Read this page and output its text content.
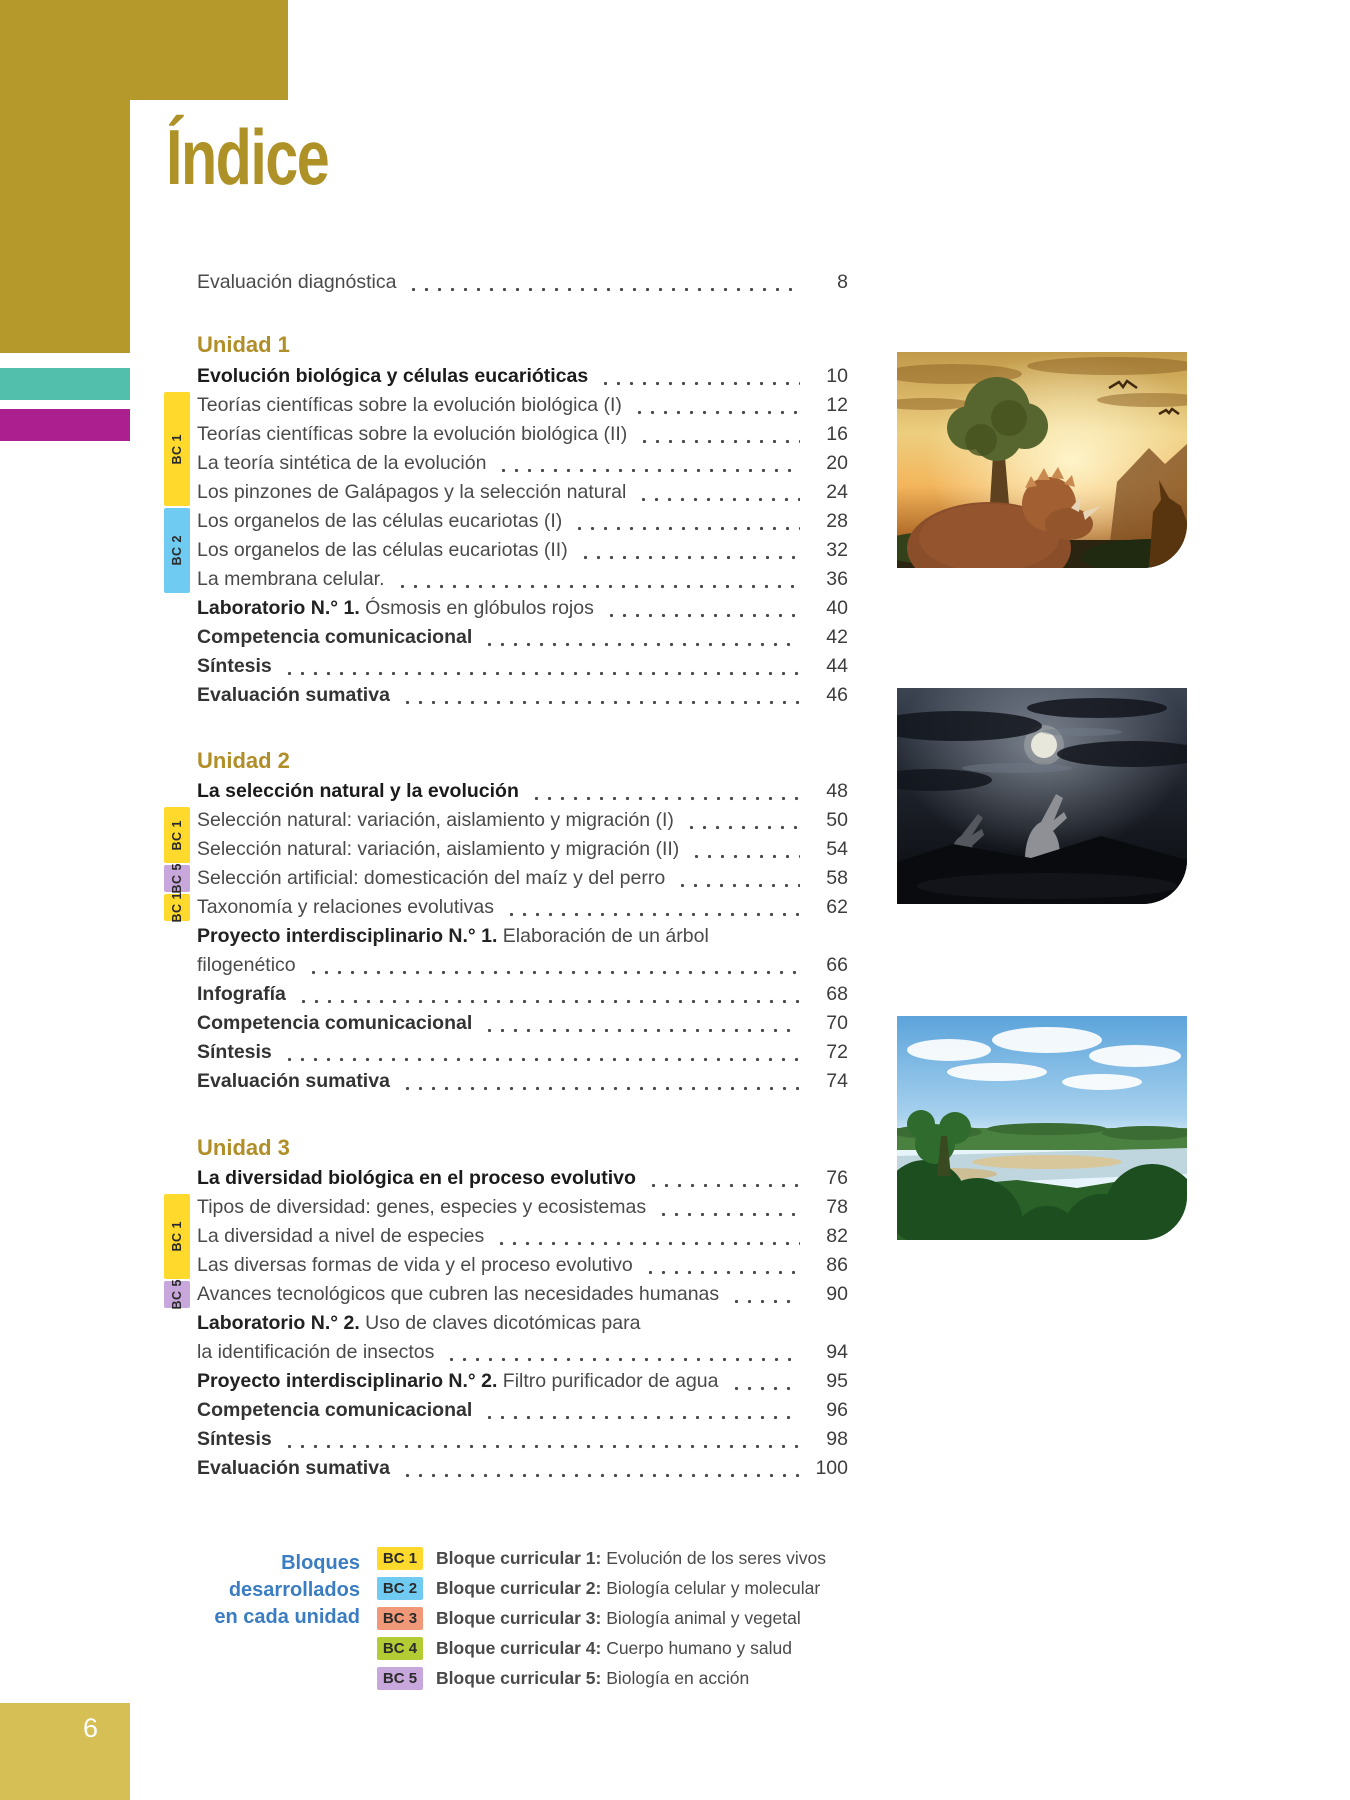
Índice
Evaluación diagnóstica	8
Unidad 1
Evolución biológica y células eucarióticas	10
Teorías científicas sobre la evolución biológica (I)	12
Teorías científicas sobre la evolución biológica (II)	16
La teoría sintética de la evolución	20
Los pinzones de Galápagos y la selección natural	24
Los organelos de las células eucariotas (I)	28
Los organelos de las células eucariotas (II)	32
La membrana celular.	36
Laboratorio N.° 1. Ósmosis en glóbulos rojos	40
Competencia comunicacional	42
Síntesis	44
Evaluación sumativa	46
Unidad 2
La selección natural y la evolución	48
Selección natural: variación, aislamiento y migración (I)	50
Selección natural: variación, aislamiento y migración (II)	54
Selección artificial: domesticación del maíz y del perro	58
Taxonomía y relaciones evolutivas	62
Proyecto interdisciplinario N.° 1. Elaboración de un árbol
filogenético	66
Infografía	68
Competencia comunicacional	70
Síntesis	72
Evaluación sumativa	74
Unidad 3
La diversidad biológica en el proceso evolutivo	76
Tipos de diversidad: genes, especies y ecosistemas	78
La diversidad a nivel de especies	82
Las diversas formas de vida y el proceso evolutivo	86
Avances tecnológicos que cubren las necesidades humanas	90
Laboratorio N.° 2. Uso de claves dicotómicas para
la identificación de insectos	94
Proyecto interdisciplinario N.° 2. Filtro purificador de agua	95
Competencia comunicacional	96
Síntesis	98
Evaluación sumativa	100
BC 1
BC 2
BC 1
BC 5
BC 1
BC 1
BC 5
Bloques desarrollados
en cada unidad
BC 1	Bloque curricular 1: Evolución de los seres vivos
BC 2	Bloque curricular 2: Biología celular y molecular
BC 3	Bloque curricular 3: Biología animal y vegetal
BC 4	Bloque curricular 4: Cuerpo humano y salud
BC 5	Bloque curricular 5: Biología en acción
6
